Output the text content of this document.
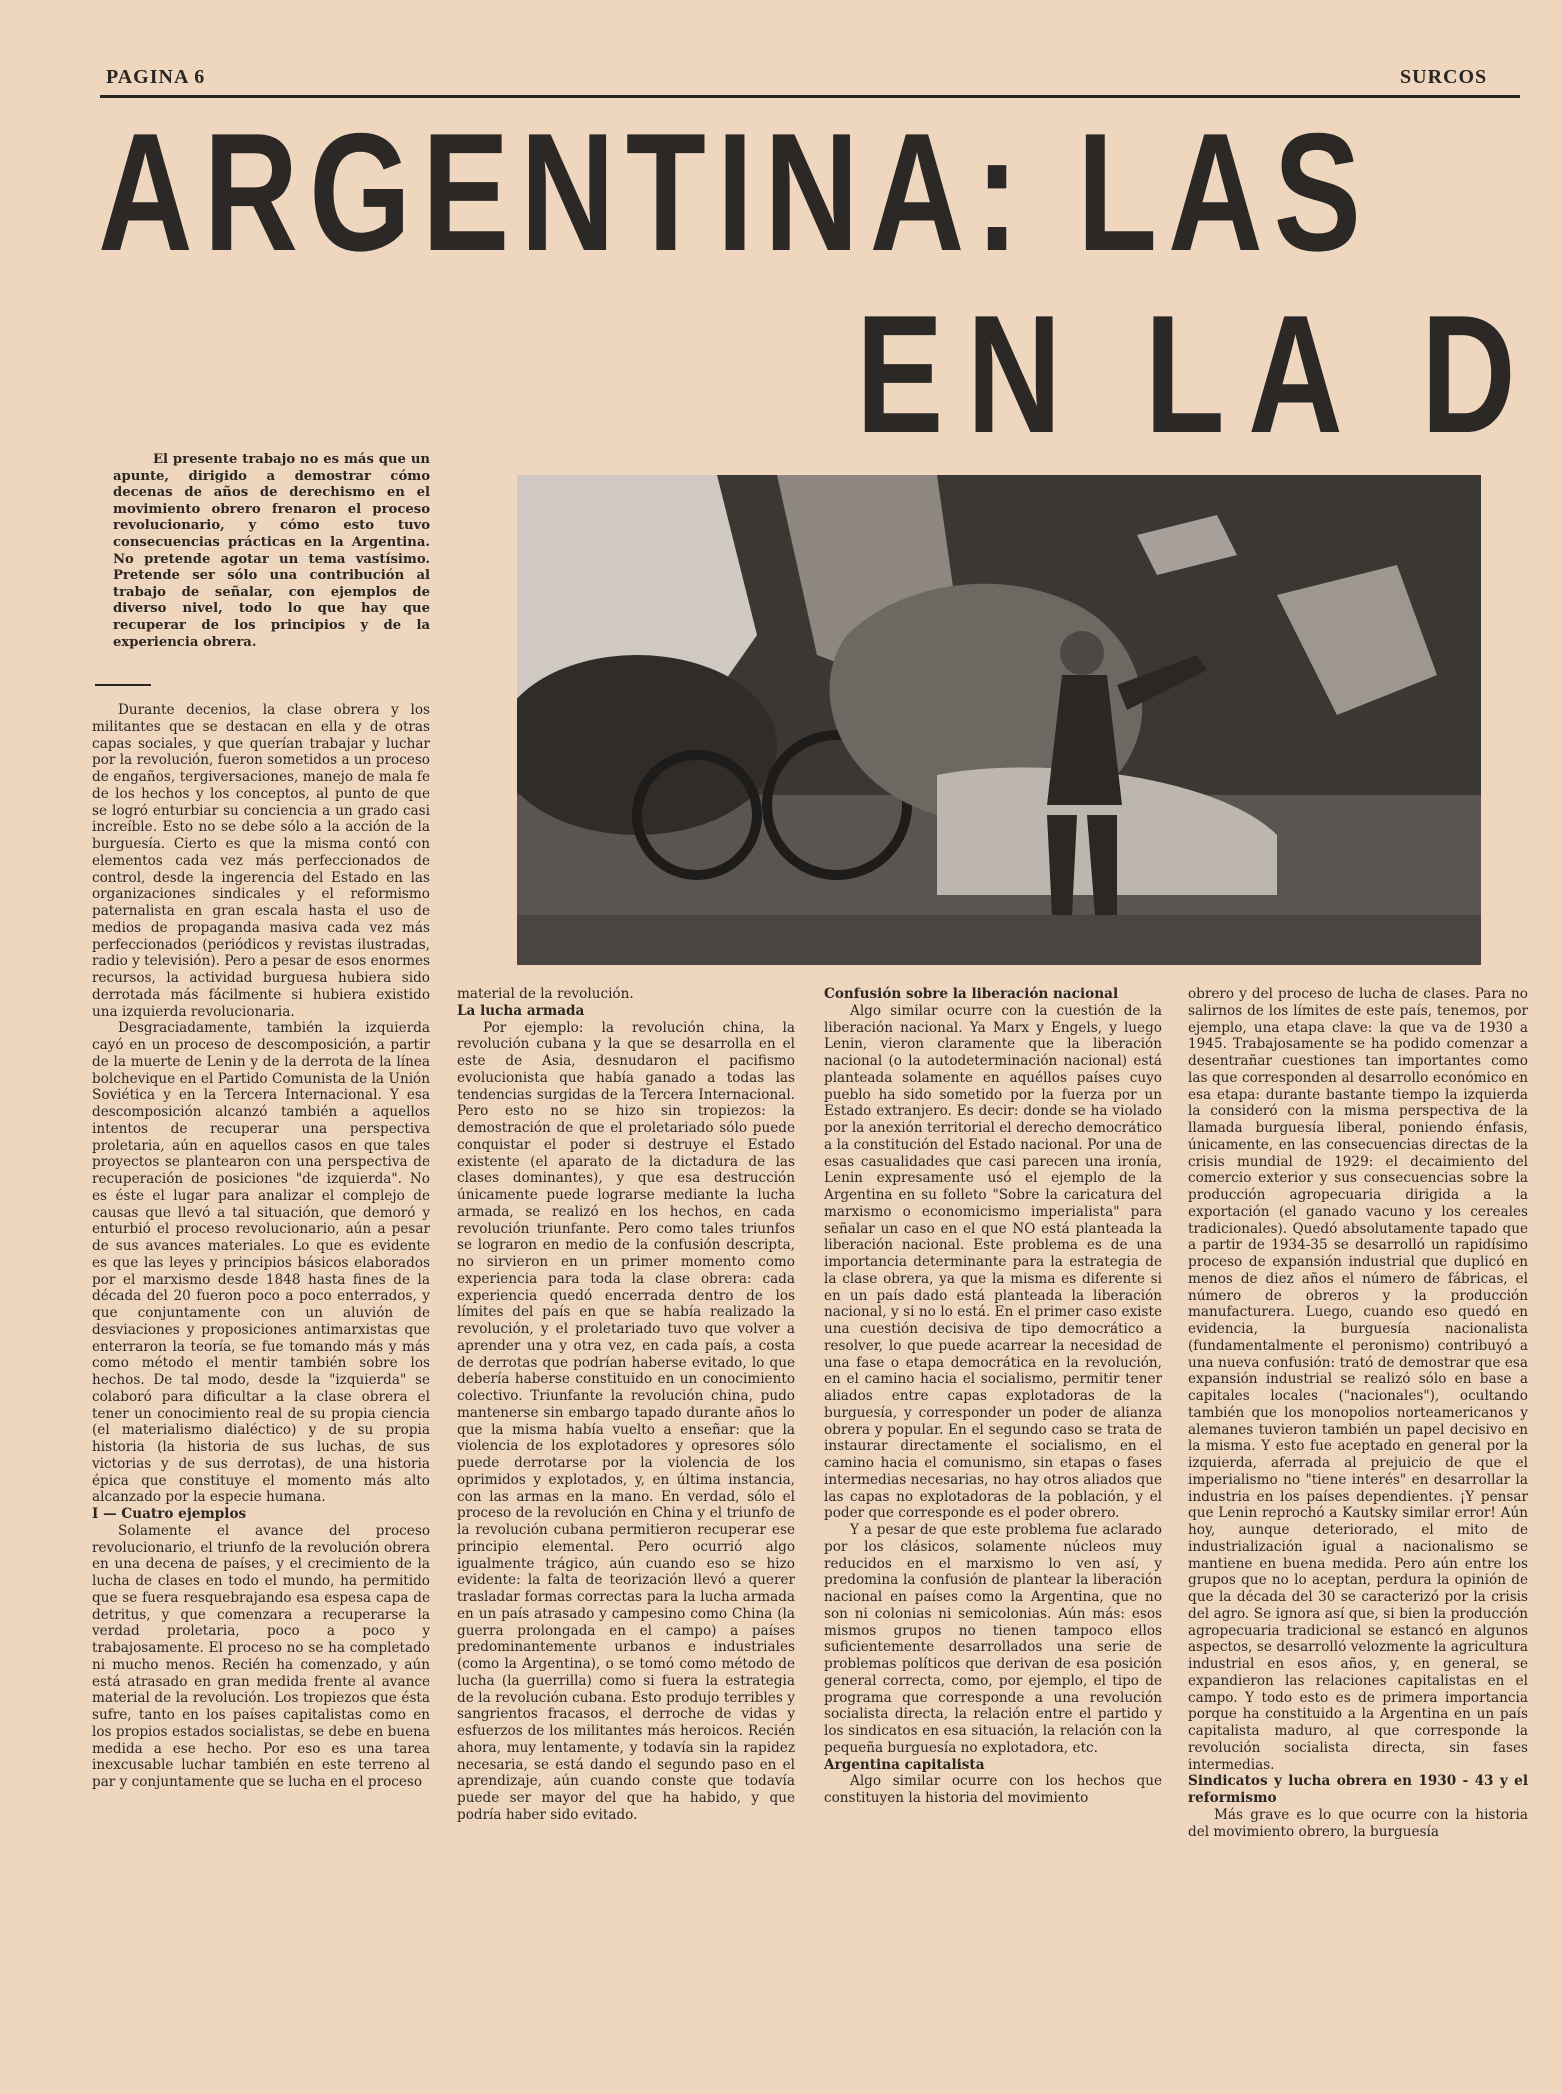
PAGINA 6	SURCOS
ARGENTINA: LAS
EN LA D
El presente trabajo no es más que un apunte, dirigido a demostrar cómo decenas de años de derechismo en el movimiento obrero frenaron el proceso revolucionario, y cómo esto tuvo consecuencias prácticas en la Argentina. No pretende agotar un tema vastísimo. Pretende ser sólo una contribución al trabajo de señalar, con ejemplos de diverso nivel, todo lo que hay que recuperar de los principios y de la experiencia obrera.

Durante decenios, la clase obrera y los militantes que se destacan en ella y de otras capas sociales, y que querían trabajar y luchar por la revolución, fueron sometidos a un proceso de engaños, tergiversaciones, manejo de mala fe de los hechos y los conceptos, al punto de que se logró enturbiar su conciencia a un grado casi increíble. Esto no se debe sólo a la acción de la burguesía. Cierto es que la misma contó con elementos cada vez más perfeccionados de control, desde la ingerencia del Estado en las organizaciones sindicales y el reformismo paternalista en gran escala hasta el uso de medios de propaganda masiva cada vez más perfeccionados (periódicos y revistas ilustradas, radio y televisión). Pero a pesar de esos enormes recursos, la actividad burguesa hubiera sido derrotada más fácilmente si hubiera existido una izquierda revolucionaria.

Desgraciadamente, también la izquierda cayó en un proceso de descomposición, a partir de la muerte de Lenin y de la derrota de la línea bolchevique en el Partido Comunista de la Unión Soviética y en la Tercera Internacional. Y esa descomposición alcanzó también a aquellos intentos de recuperar una perspectiva proletaria, aún en aquellos casos en que tales proyectos se plantearon con una perspectiva de recuperación de posiciones "de izquierda". No es éste el lugar para analizar el complejo de causas que llevó a tal situación, que demoró y enturbió el proceso revolucionario, aún a pesar de sus avances materiales. Lo que es evidente es que las leyes y principios básicos elaborados por el marxismo desde 1848 hasta fines de la década del 20 fueron poco a poco enterrados, y que conjuntamente con un aluvión de desviaciones y proposiciones antimarxistas que enterraron la teoría, se fue tomando más y más como método el mentir también sobre los hechos. De tal modo, desde la "izquierda" se colaboró para dificultar a la clase obrera el tener un conocimiento real de su propia ciencia (el materialismo dialéctico) y de su propia historia (la historia de sus luchas, de sus victorias y de sus derrotas), de una historia épica que constituye el momento más alto alcanzado por la especie humana.

I — Cuatro ejemplos

Solamente el avance del proceso revolucionario, el triunfo de la revolución obrera en una decena de países, y el crecimiento de la lucha de clases en todo el mundo, ha permitido que se fuera resquebrajando esa espesa capa de detritus, y que comenzara a recuperarse la verdad proletaria, poco a poco y trabajosamente. El proceso no se ha completado ni mucho menos. Recién ha comenzado, y aún está atrasado en gran medida frente al avance material de la revolución. Los tropiezos que ésta sufre, tanto en los países capitalistas como en los propios estados socialistas, se debe en buena medida a ese hecho. Por eso es una tarea inexcusable luchar también en este terreno al par y conjuntamente que se lucha en el proceso

material de la revolución.

La lucha armada

Por ejemplo: la revolución china, la revolución cubana y la que se desarrolla en el este de Asia, desnudaron el pacifismo evolucionista que había ganado a todas las tendencias surgidas de la Tercera Internacional. Pero esto no se hizo sin tropiezos: la demostración de que el proletariado sólo puede conquistar el poder si destruye el Estado existente (el aparato de la dictadura de las clases dominantes), y que esa destrucción únicamente puede lograrse mediante la lucha armada, se realizó en los hechos, en cada revolución triunfante. Pero como tales triunfos se lograron en medio de la confusión descripta, no sirvieron en un primer momento como experiencia para toda la clase obrera: cada experiencia quedó encerrada dentro de los límites del país en que se había realizado la revolución, y el proletariado tuvo que volver a aprender una y otra vez, en cada país, a costa de derrotas que podrían haberse evitado, lo que debería haberse constituido en un conocimiento colectivo. Triunfante la revolución china, pudo mantenerse sin embargo tapado durante años lo que la misma había vuelto a enseñar: que la violencia de los explotadores y opresores sólo puede derrotarse por la violencia de los oprimidos y explotados, y, en última instancia, con las armas en la mano. En verdad, sólo el proceso de la revolución en China y el triunfo de la revolución cubana permitieron recuperar ese principio elemental. Pero ocurrió algo igualmente trágico, aún cuando eso se hizo evidente: la falta de teorización llevó a querer trasladar formas correctas para la lucha armada en un país atrasado y campesino como China (la guerra prolongada en el campo) a países predominantemente urbanos e industriales (como la Argentina), o se tomó como método de lucha (la guerrilla) como si fuera la estrategia de la revolución cubana. Esto produjo terribles y sangrientos fracasos, el derroche de vidas y esfuerzos de los militantes más heroicos. Recién ahora, muy lentamente, y todavía sin la rapidez necesaria, se está dando el segundo paso en el aprendizaje, aún cuando conste que todavía puede ser mayor del que ha habido, y que podría haber sido evitado.

Confusión sobre la liberación nacional

Algo similar ocurre con la cuestión de la liberación nacional. Ya Marx y Engels, y luego Lenin, vieron claramente que la liberación nacional (o la autodeterminación nacional) está planteada solamente en aquéllos países cuyo pueblo ha sido sometido por la fuerza por un Estado extranjero. Es decir: donde se ha violado por la anexión territorial el derecho democrático a la constitución del Estado nacional. Por una de esas casualidades que casi parecen una ironía, Lenin expresamente usó el ejemplo de la Argentina en su folleto "Sobre la caricatura del marxismo o economicismo imperialista" para señalar un caso en el que NO está planteada la liberación nacional. Este problema es de una importancia determinante para la estrategia de la clase obrera, ya que la misma es diferente si en un país dado está planteada la liberación nacional, y si no lo está. En el primer caso existe una cuestión decisiva de tipo democrático a resolver, lo que puede acarrear la necesidad de una fase o etapa democrática en la revolución, en el camino hacia el socialismo, permitir tener aliados entre capas explotadoras de la burguesía, y corresponder un poder de alianza obrera y popular. En el segundo caso se trata de instaurar directamente el socialismo, en el camino hacia el comunismo, sin etapas o fases intermedias necesarias, no hay otros aliados que las capas no explotadoras de la población, y el poder que corresponde es el poder obrero.

Y a pesar de que este problema fue aclarado por los clásicos, solamente núcleos muy reducidos en el marxismo lo ven así, y predomina la confusión de plantear la liberación nacional en países como la Argentina, que no son ni colonias ni semicolonias. Aún más: esos mismos grupos no tienen tampoco ellos suficientemente desarrollados una serie de problemas políticos que derivan de esa posición general correcta, como, por ejemplo, el tipo de programa que corresponde a una revolución socialista directa, la relación entre el partido y los sindicatos en esa situación, la relación con la pequeña burguesía no explotadora, etc.

Argentina capitalista

Algo similar ocurre con los hechos que constituyen la historia del movimiento

obrero y del proceso de lucha de clases. Para no salirnos de los límites de este país, tenemos, por ejemplo, una etapa clave: la que va de 1930 a 1945. Trabajosamente se ha podido comenzar a desentrañar cuestiones tan importantes como las que corresponden al desarrollo económico en esa etapa: durante bastante tiempo la izquierda la consideró con la misma perspectiva de la llamada burguesía liberal, poniendo énfasis, únicamente, en las consecuencias directas de la crisis mundial de 1929: el decaimiento del comercio exterior y sus consecuencias sobre la producción agropecuaria dirigida a la exportación (el ganado vacuno y los cereales tradicionales). Quedó absolutamente tapado que a partir de 1934-35 se desarrolló un rapidísimo proceso de expansión industrial que duplicó en menos de diez años el número de fábricas, el número de obreros y la producción manufacturera. Luego, cuando eso quedó en evidencia, la burguesía nacionalista (fundamentalmente el peronismo) contribuyó a una nueva confusión: trató de demostrar que esa expansión industrial se realizó sólo en base a capitales locales ("nacionales"), ocultando también que los monopolios norteamericanos y alemanes tuvieron también un papel decisivo en la misma. Y esto fue aceptado en general por la izquierda, aferrada al prejuicio de que el imperialismo no "tiene interés" en desarrollar la industria en los países dependientes. ¡Y pensar que Lenin reprochó a Kautsky similar error! Aún hoy, aunque deteriorado, el mito de industrialización igual a nacionalismo se mantiene en buena medida. Pero aún entre los grupos que no lo aceptan, perdura la opinión de que la década del 30 se caracterizó por la crisis del agro. Se ignora así que, si bien la producción agropecuaria tradicional se estancó en algunos aspectos, se desarrolló velozmente la agricultura industrial en esos años, y, en general, se expandieron las relaciones capitalistas en el campo. Y todo esto es de primera importancia porque ha constituido a la Argentina en un país capitalista maduro, al que corresponde la revolución socialista directa, sin fases intermedias.

Sindicatos y lucha obrera en 1930 - 43 y el reformismo

Más grave es lo que ocurre con la historia del movimiento obrero, la burguesía
